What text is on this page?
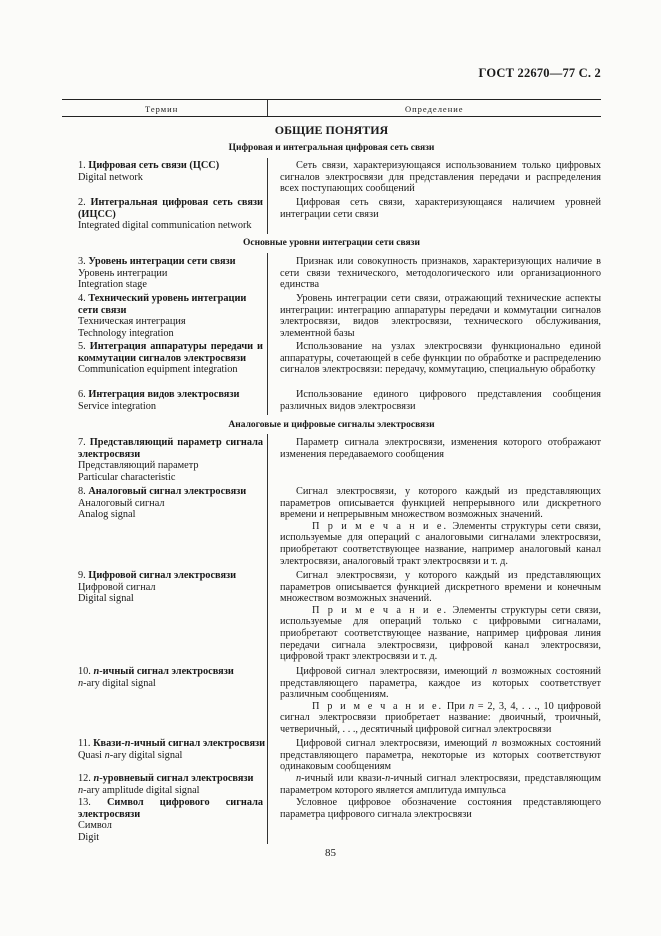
ГОСТ 22670—77 С. 2
Термин	Определение
ОБЩИЕ ПОНЯТИЯ
Цифровая и интегральная цифровая сеть связи

1. Цифровая сеть связи (ЦСС)

Digital network

Сеть связи, характеризующаяся использованием только цифровых сигналов электросвязи для представления передачи и распределения всех поступающих сообщений

2. Интегральная цифровая сеть связи (ИЦСС)

Integrated digital communication network

Цифровая сеть связи, характеризующаяся наличием уровней интеграции сети связи
Основные уровни интеграции сети связи

3. Уровень интеграции сети связи

Уровень интеграции

Integration stage

Признак или совокупность признаков, характеризующих наличие в сети связи технического, методологического или организационного единства

4. Технический уровень интеграции сети связи

Техническая интеграция

Technology integration

Уровень интеграции сети связи, отражающий технические аспекты интеграции: интеграцию аппаратуры передачи и коммутации сигналов электросвязи, видов электросвязи, технического обслуживания, элементной базы

5. Интеграция аппаратуры передачи и коммутации сигналов электросвязи

Communication equipment integration

Использование на узлах электросвязи функционально единой аппаратуры, сочетающей в себе функции по обработке и распределению сигналов электросвязи: передачу, коммутацию, специальную обработку

6. Интеграция видов электросвязи

Service integration

Использование единого цифрового представления сообщения различных видов электросвязи
Аналоговые и цифровые сигналы электросвязи

7. Представляющий параметр сигнала электросвязи

Представляющий параметр

Particular characteristic

Параметр сигнала электросвязи, изменения которого отображают изменения передаваемого сообщения

8. Аналоговый сигнал электросвязи

Аналоговый сигнал

Analog signal

Сигнал электросвязи, у которого каждый из представляющих параметров описывается функцией непрерывного или дискретного времени и непрерывным множеством возможных значений.

П р и м е ч а н и е. Элементы структуры сети связи, используемые для операций с аналоговыми сигналами электросвязи, приобретают соответствующее название, например аналоговый канал электросвязи, аналоговый тракт электросвязи и т. д.

9. Цифровой сигнал электросвязи

Цифровой сигнал

Digital signal

Сигнал электросвязи, у которого каждый из представляющих параметров описывается функцией дискретного времени и конечным множеством возможных значений.

П р и м е ч а н и е. Элементы структуры сети связи, используемые для операций только с цифровыми сигналами, приобретают соответствующее название, например цифровая линия передачи сигнала электросвязи, цифровой канал электросвязи, цифровой тракт электросвязи и т. д.

10. n-ичный сигнал электросвязи

n-ary digital signal

Цифровой сигнал электросвязи, имеющий n возможных состояний представляющего параметра, каждое из которых соответствует различным сообщениям.

П р и м е ч а н и е. При n = 2, 3, 4, . . ., 10 цифровой сигнал электросвязи приобретает название: двоичный, троичный, четверичный, . . ., десятичный цифровой сигнал электросвязи

11. Квази-n-ичный сигнал электросвязи

Quasi n-ary digital signal

Цифровой сигнал электросвязи, имеющий n возможных состояний представляющего параметра, некоторые из которых соответствуют одинаковым сообщениям

12. n-уровневый сигнал электросвязи

n-ary amplitude digital signal

n-ичный или квази-n-ичный сигнал электросвязи, представляющим параметром которого является амплитуда импульса

13. Символ цифрового сигнала электросвязи

Символ

Digit

Условное цифровое обозначение состояния представляющего параметра цифрового сигнала электросвязи
85
